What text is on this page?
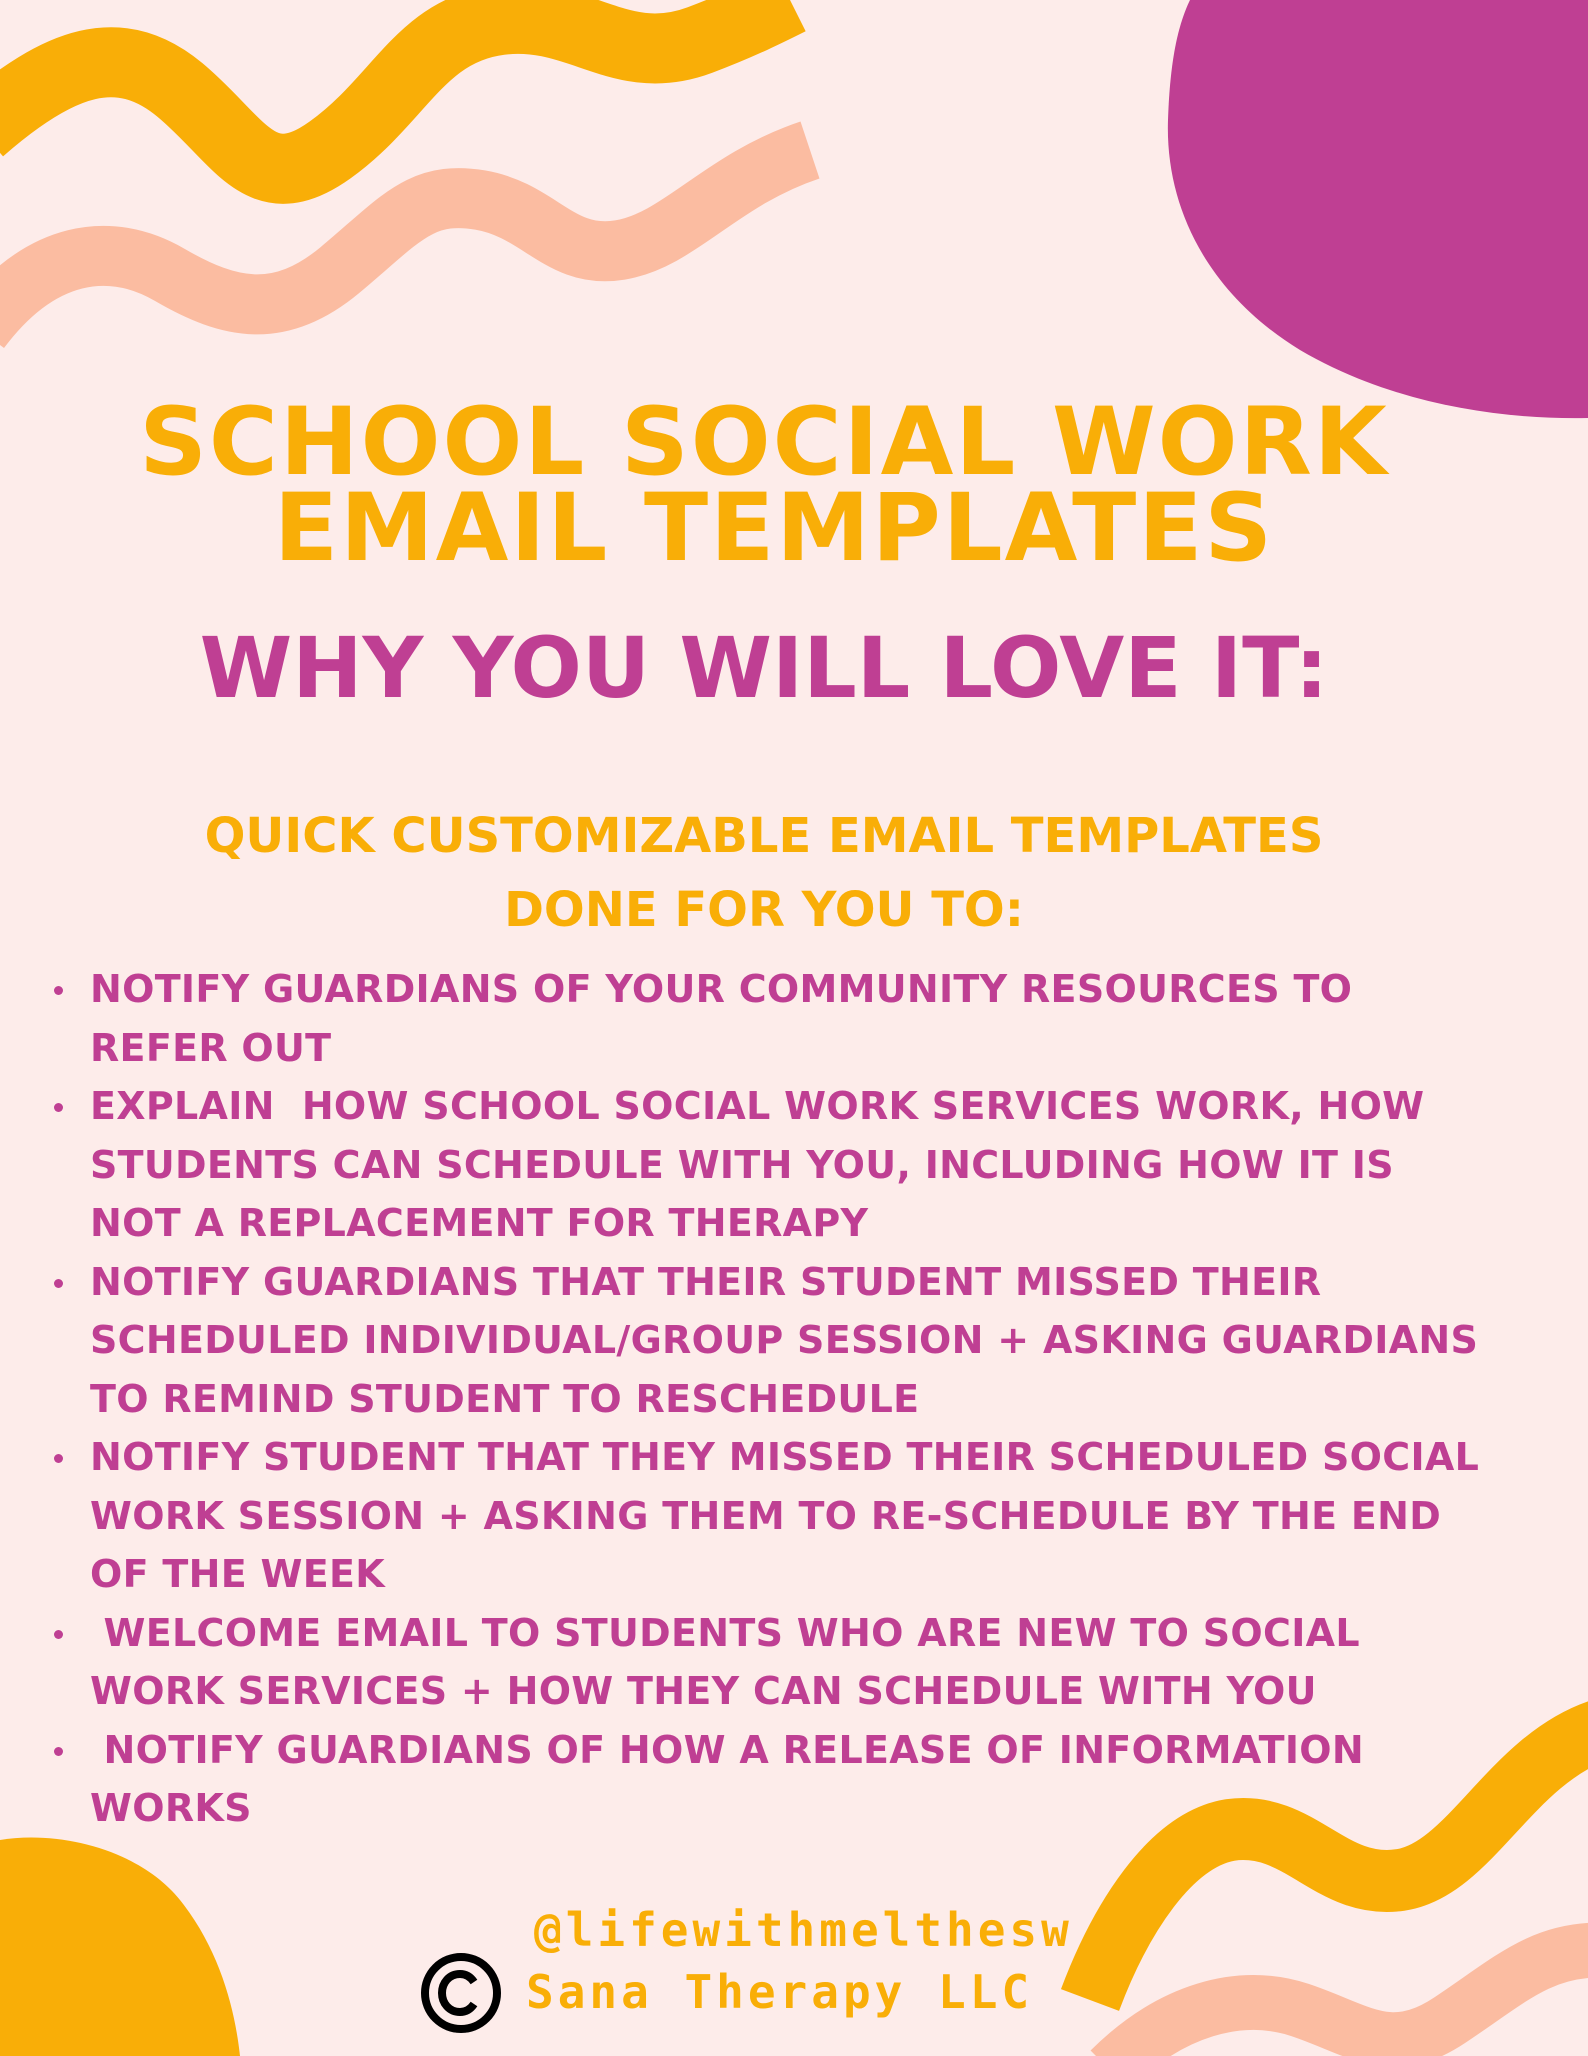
SCHOOL SOCIAL WORK
EMAIL TEMPLATES
WHY YOU WILL LOVE IT:

QUICK CUSTOMIZABLE EMAIL TEMPLATES

DONE FOR YOU TO:

NOTIFY GUARDIANS OF YOUR COMMUNITY RESOURCES TO
REFER OUT
EXPLAIN  HOW SCHOOL SOCIAL WORK SERVICES WORK, HOW
STUDENTS CAN SCHEDULE WITH YOU, INCLUDING HOW IT IS
NOT A REPLACEMENT FOR THERAPY
NOTIFY GUARDIANS THAT THEIR STUDENT MISSED THEIR
SCHEDULED INDIVIDUAL/GROUP SESSION + ASKING GUARDIANS
TO REMIND STUDENT TO RESCHEDULE
NOTIFY STUDENT THAT THEY MISSED THEIR SCHEDULED SOCIAL
WORK SESSION + ASKING THEM TO RE-SCHEDULE BY THE END
OF THE WEEK
WELCOME EMAIL TO STUDENTS WHO ARE NEW TO SOCIAL
WORK SERVICES + HOW THEY CAN SCHEDULE WITH YOU
NOTIFY GUARDIANS OF HOW A RELEASE OF INFORMATION
WORKS
@lifewithmelthesw
Sana Therapy LLC
